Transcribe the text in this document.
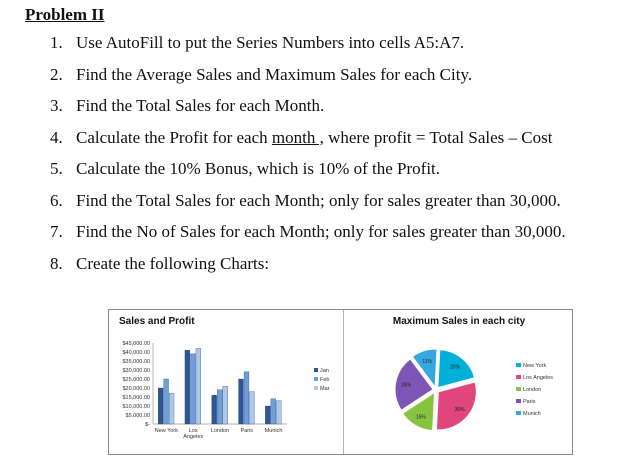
Problem II
1. Use AutoFill to put the Series Numbers into cells A5:A7.
2. Find the Average Sales and Maximum Sales for each City.
3. Find the Total Sales for each Month.
4. Calculate the Profit for each month , where profit = Total Sales – Cost
5. Calculate the 10% Bonus, which is 10% of the Profit.
6. Find the Total Sales for each Month; only for sales greater than 30,000.
7. Find the No of Sales for each Month; only for sales greater than 30,000.
8. Create the following Charts:
Sales and Profit
$45,000.00
$40,000.00
$35,000.00
$30,000.00
$25,000.00
$20,000.00
$15,000.00
$10,000.00
$5,000.00
$-
New York Los
Angeles
London Paris Munich
Jan
Feb
Mar
Maximum Sales in each city
20%
30%
15%
24%
11%
New York
Los Angeles
London
Paris
Munich
